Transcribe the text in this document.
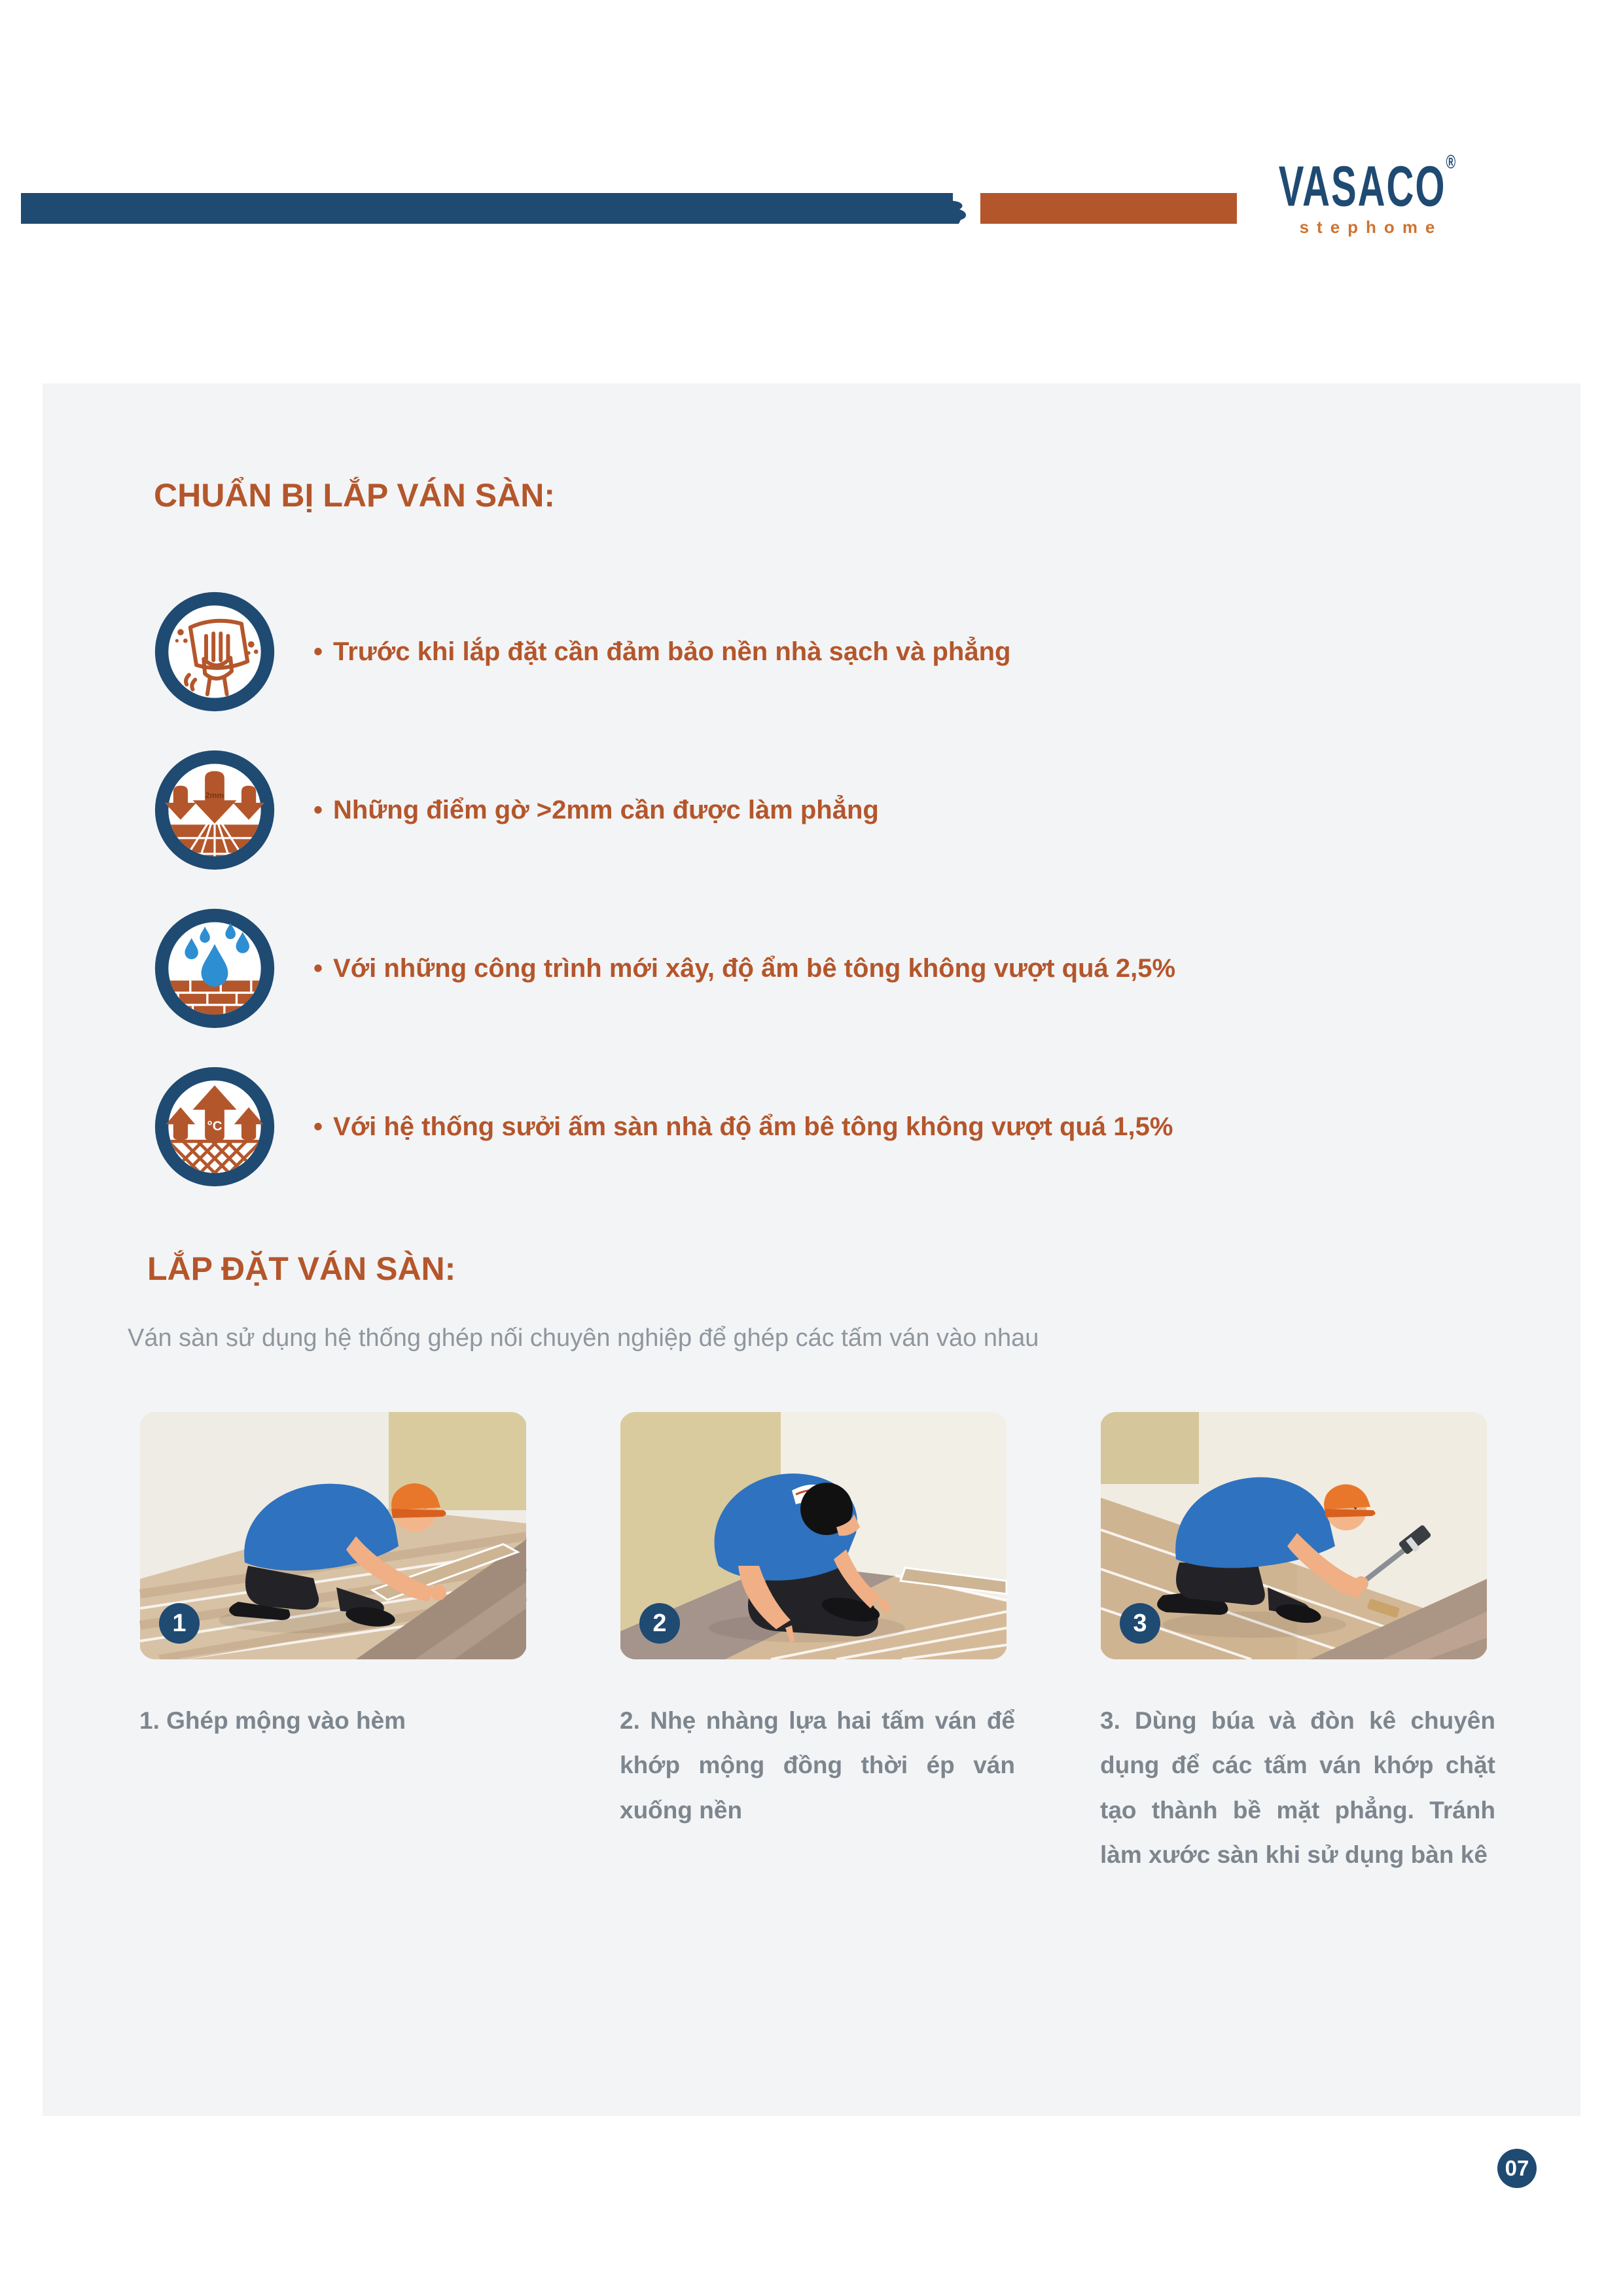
VASACO®
stephome
CHUẨN BỊ LẮP VÁN SÀN:
• Trước khi lắp đặt cần đảm bảo nền nhà sạch và phẳng
2mm
• Những điểm gờ >2mm cần được làm phẳng
• Với những công trình mới xây, độ ẩm bê tông không vượt quá 2,5%
°C	• Với hệ thống sưởi ấm sàn nhà độ ẩm bê tông không vượt quá 1,5%
LẮP ĐẶT VÁN SÀN:
Ván sàn sử dụng hệ thống ghép nối chuyên nghiệp để ghép các tấm ván vào nhau
1
1. Ghép mộng vào hèm
2
2. Nhẹ nhàng lựa hai tấm ván để khớp mộng đồng thời ép ván xuống nền
3
3. Dùng búa và đòn kê chuyên dụng để các tấm ván khớp chặt tạo thành bề mặt phẳng. Tránh làm xước sàn khi sử dụng bàn kê
07
